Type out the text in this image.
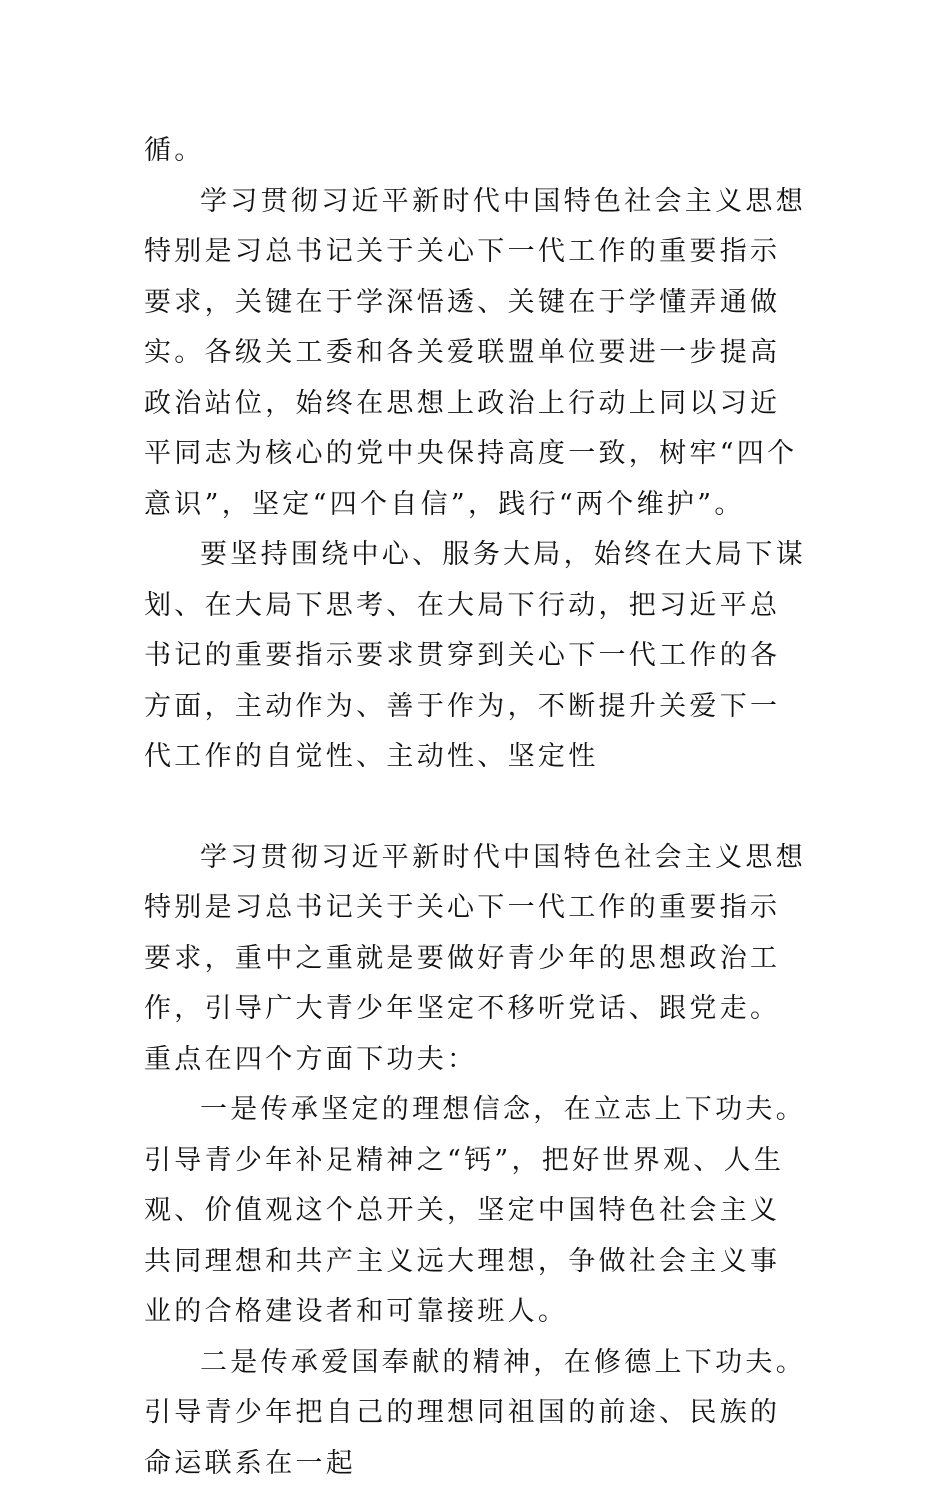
循。

学习贯彻习近平新时代中国特色社会主义思想特别是习总书记关于关心下一代工作的重要指示要求，关键在于学深悟透、关键在于学懂弄通做实。各级关工委和各关爱联盟单位要进一步提高政治站位，始终在思想上政治上行动上同以习近平同志为核心的党中央保持高度一致，树牢“四个意识”，坚定“四个自信”，践行“两个维护”。

要坚持围绕中心、服务大局，始终在大局下谋划、在大局下思考、在大局下行动，把习近平总书记的重要指示要求贯穿到关心下一代工作的各方面，主动作为、善于作为，不断提升关爱下一代工作的自觉性、主动性、坚定性

学习贯彻习近平新时代中国特色社会主义思想特别是习总书记关于关心下一代工作的重要指示要求，重中之重就是要做好青少年的思想政治工作，引导广大青少年坚定不移听党话、跟党走。重点在四个方面下功夫：

一是传承坚定的理想信念，在立志上下功夫。引导青少年补足精神之“钙”，把好世界观、人生观、价值观这个总开关，坚定中国特色社会主义共同理想和共产主义远大理想，争做社会主义事业的合格建设者和可靠接班人。

二是传承爱国奉献的精神，在修德上下功夫。引导青少年把自己的理想同祖国的前途、民族的命运联系在一起
